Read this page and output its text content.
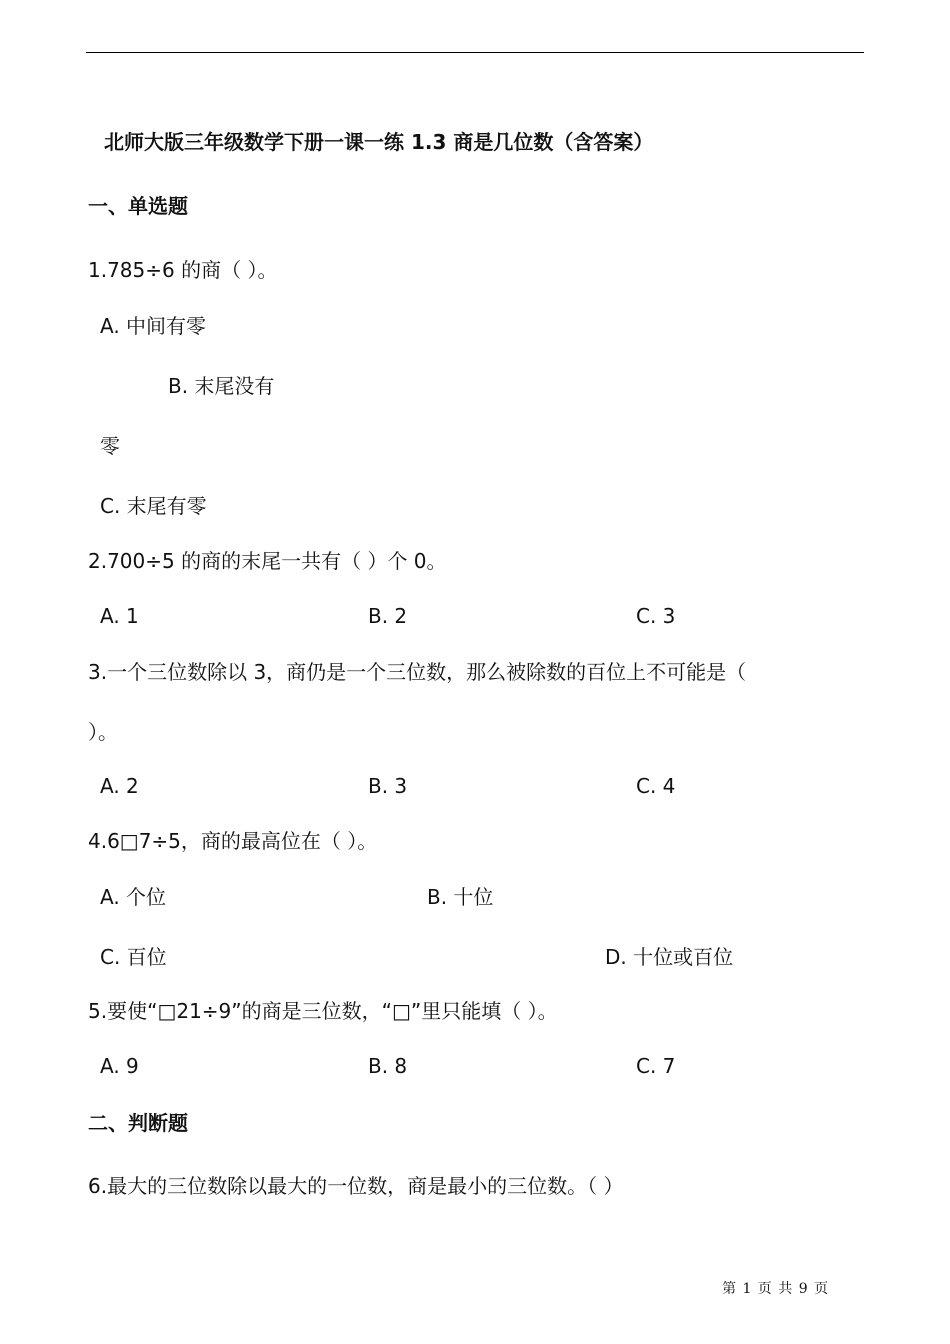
北师大版三年级数学下册一课一练 1.3 商是几位数（含答案）
一、单选题
1.785÷6 的商（ ）。
A. 中间有零
B. 末尾没有
零
C. 末尾有零
2.700÷5 的商的末尾一共有（ ）个 0。
A. 1	B. 2	C. 3
3.一个三位数除以 3，商仍是一个三位数，那么被除数的百位上不可能是（
）。
A. 2	B. 3	C. 4
4.6□7÷5，商的最高位在（ ）。
A. 个位	B. 十位
C. 百位	D. 十位或百位
5.要使“□21÷9”的商是三位数，“□”里只能填（ ）。
A. 9	B. 8	C. 7
二、判断题
6.最大的三位数除以最大的一位数，商是最小的三位数。（ ）
第 1 页 共 9 页
